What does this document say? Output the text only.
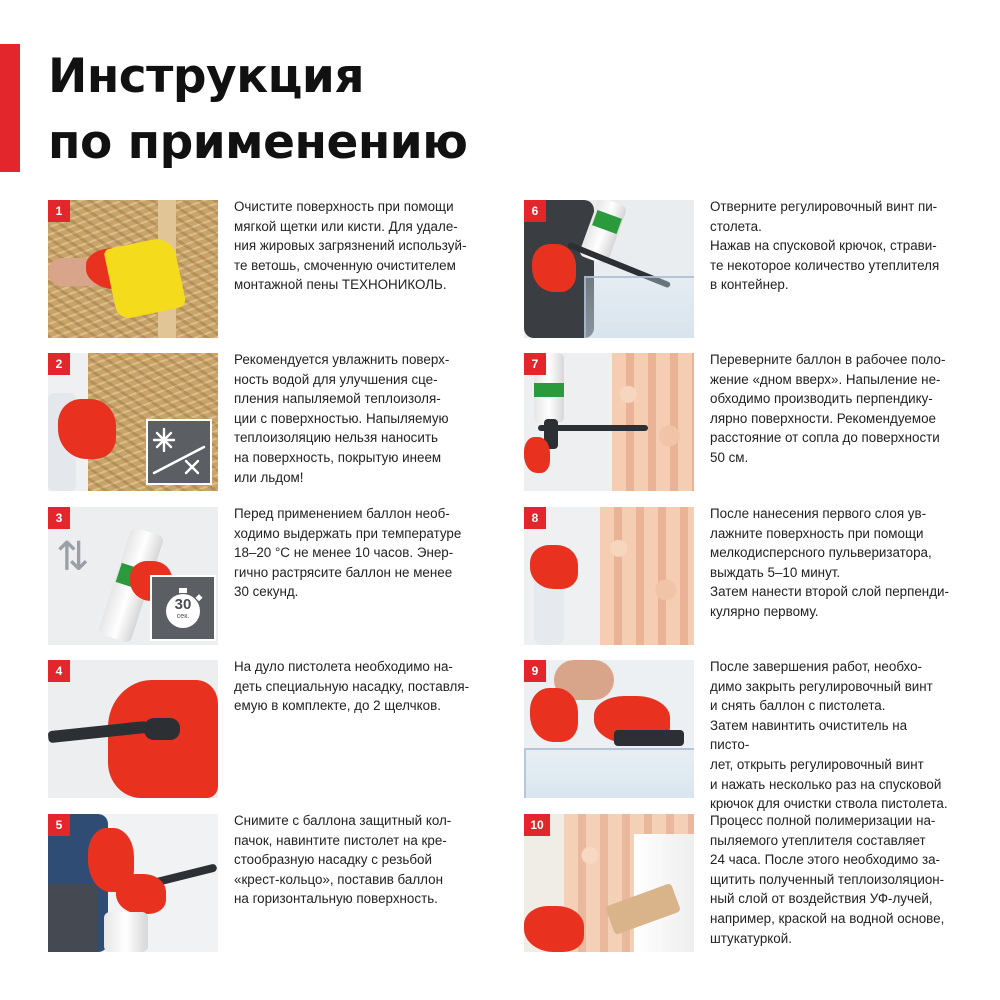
Инструкция
по применению
1	Очистите поверхность при помощи
мягкой щетки или кисти. Для удале-
ния жировых загрязнений используй-
те ветошь, смоченную очистителем
монтажной пены ТЕХНОНИКОЛЬ.

2	Рекомендуется увлажнить поверх-
ность водой для улучшения сце-
пления напыляемой теплоизоля-
ции с поверхностью. Напыляемую
теплоизоляцию нельзя наносить
на поверхность, покрытую инеем
или льдом!

⇅
30
сек.
3	Перед применением баллон необ-
ходимо выдержать при температуре
18–20 °С не менее 10 часов. Энер-
гично растрясите баллон не менее
30 секунд.

4	На дуло пистолета необходимо на-
деть специальную насадку, поставля-
емую в комплекте, до 2 щелчков.

5	Снимите с баллона защитный кол-
пачок, навинтите пистолет на кре-
стообразную насадку с резьбой
«крест-кольцо», поставив баллон
на горизонтальную поверхность.

6	Отверните регулировочный винт пи-
столета.
Нажав на спусковой крючок, страви-
те некоторое количество утеплителя
в контейнер.

7	Переверните баллон в рабочее поло-
жение «дном вверх». Напыление не-
обходимо производить перпендику-
лярно поверхности. Рекомендуемое
расстояние от сопла до поверхности
50 см.

8	После нанесения первого слоя ув-
лажните поверхность при помощи
мелкодисперсного пульверизатора,
выждать 5–10 минут.
Затем нанести второй слой перпенди-
кулярно первому.

9	После завершения работ, необхо-
димо закрыть регулировочный винт
и снять баллон с пистолета.
Затем навинтить очиститель на писто-
лет, открыть регулировочный винт
и нажать несколько раз на спусковой
крючок для очистки ствола пистолета.

10	Процесс полной полимеризации на-
пыляемого утеплителя составляет
24 часа. После этого необходимо за-
щитить полученный теплоизоляцион-
ный слой от воздействия УФ-лучей,
например, краской на водной основе,
штукатуркой.
